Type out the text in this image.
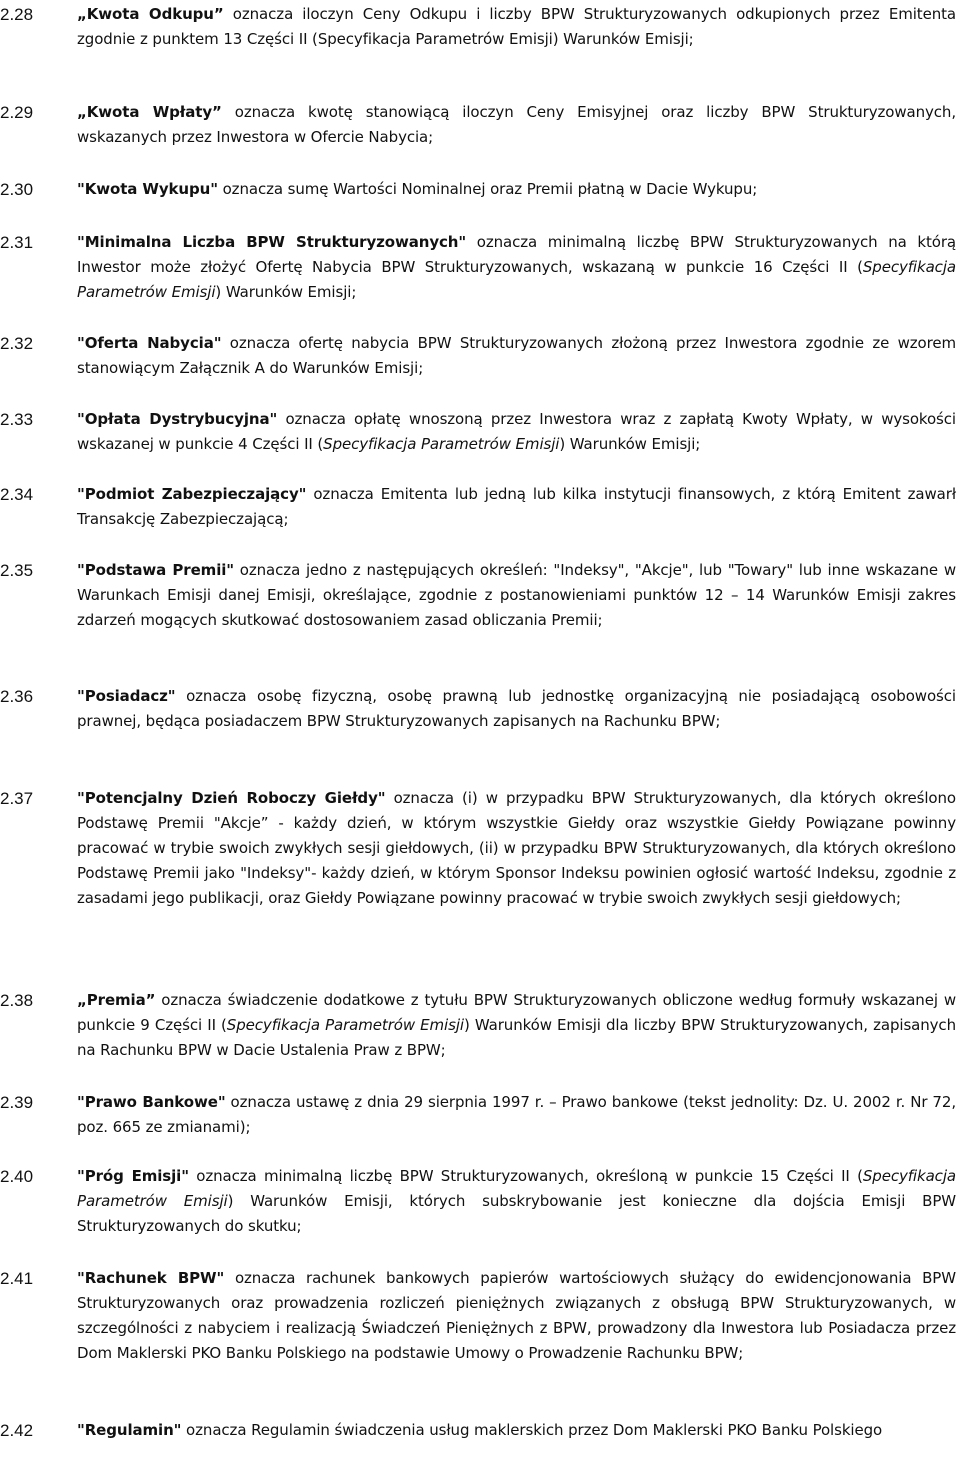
2.28	„Kwota Odkupu” oznacza iloczyn Ceny Odkupu i liczby BPW Strukturyzowanych odkupionych przez Emitenta zgodnie z punktem 13 Części II (Specyfikacja Parametrów Emisji) Warunków Emisji;
2.29	„Kwota Wpłaty” oznacza kwotę stanowiącą iloczyn Ceny Emisyjnej oraz liczby BPW Strukturyzowanych, wskazanych przez Inwestora w Ofercie Nabycia;
2.30	"Kwota Wykupu" oznacza sumę Wartości Nominalnej oraz Premii płatną w Dacie Wykupu;
2.31	"Minimalna Liczba BPW Strukturyzowanych" oznacza minimalną liczbę BPW Strukturyzowanych na którą Inwestor może złożyć Ofertę Nabycia BPW Strukturyzowanych, wskazaną w punkcie 16 Części II (Specyfikacja Parametrów Emisji) Warunków Emisji;
2.32	"Oferta Nabycia" oznacza ofertę nabycia BPW Strukturyzowanych złożoną przez Inwestora zgodnie ze wzorem stanowiącym Załącznik A do Warunków Emisji;
2.33	"Opłata Dystrybucyjna" oznacza opłatę wnoszoną przez Inwestora wraz z zapłatą Kwoty Wpłaty, w wysokości wskazanej w punkcie 4 Części II (Specyfikacja Parametrów Emisji) Warunków Emisji;
2.34	"Podmiot Zabezpieczający" oznacza Emitenta lub jedną lub kilka instytucji finansowych, z którą Emitent zawarł Transakcję Zabezpieczającą;
2.35	"Podstawa Premii" oznacza jedno z następujących określeń: "Indeksy", "Akcje", lub "Towary" lub inne wskazane w Warunkach Emisji danej Emisji, określające, zgodnie z postanowieniami punktów 12 – 14 Warunków Emisji zakres zdarzeń mogących skutkować dostosowaniem zasad obliczania Premii;
2.36	"Posiadacz" oznacza osobę fizyczną, osobę prawną lub jednostkę organizacyjną nie posiadającą osobowości prawnej, będąca posiadaczem BPW Strukturyzowanych zapisanych na Rachunku BPW;
2.37	"Potencjalny Dzień Roboczy Giełdy" oznacza (i) w przypadku BPW Strukturyzowanych, dla których określono Podstawę Premii "Akcje” - każdy dzień, w którym wszystkie Giełdy oraz wszystkie Giełdy Powiązane powinny pracować w trybie swoich zwykłych sesji giełdowych, (ii) w przypadku BPW Strukturyzowanych, dla których określono Podstawę Premii jako "Indeksy"- każdy dzień, w którym Sponsor Indeksu powinien ogłosić wartość Indeksu, zgodnie z zasadami jego publikacji, oraz Giełdy Powiązane powinny pracować w trybie swoich zwykłych sesji giełdowych;
2.38	„Premia” oznacza świadczenie dodatkowe z tytułu BPW Strukturyzowanych obliczone według formuły wskazanej w punkcie 9 Części II (Specyfikacja Parametrów Emisji) Warunków Emisji dla liczby BPW Strukturyzowanych, zapisanych na Rachunku BPW w Dacie Ustalenia Praw z BPW;
2.39	"Prawo Bankowe" oznacza ustawę z dnia 29 sierpnia 1997 r. – Prawo bankowe (tekst jednolity: Dz. U. 2002 r. Nr 72, poz. 665 ze zmianami);
2.40	"Próg Emisji" oznacza minimalną liczbę BPW Strukturyzowanych, określoną w punkcie 15 Części II (Specyfikacja Parametrów Emisji) Warunków Emisji, których subskrybowanie jest konieczne dla dojścia Emisji BPW Strukturyzowanych do skutku;
2.41	"Rachunek BPW" oznacza rachunek bankowych papierów wartościowych służący do ewidencjonowania BPW Strukturyzowanych oraz prowadzenia rozliczeń pieniężnych związanych z obsługą BPW Strukturyzowanych, w szczególności z nabyciem i realizacją Świadczeń Pieniężnych z BPW, prowadzony dla Inwestora lub Posiadacza przez Dom Maklerski PKO Banku Polskiego na podstawie Umowy o Prowadzenie Rachunku BPW;
2.42	"Regulamin" oznacza Regulamin świadczenia usług maklerskich przez Dom Maklerski PKO Banku Polskiego
